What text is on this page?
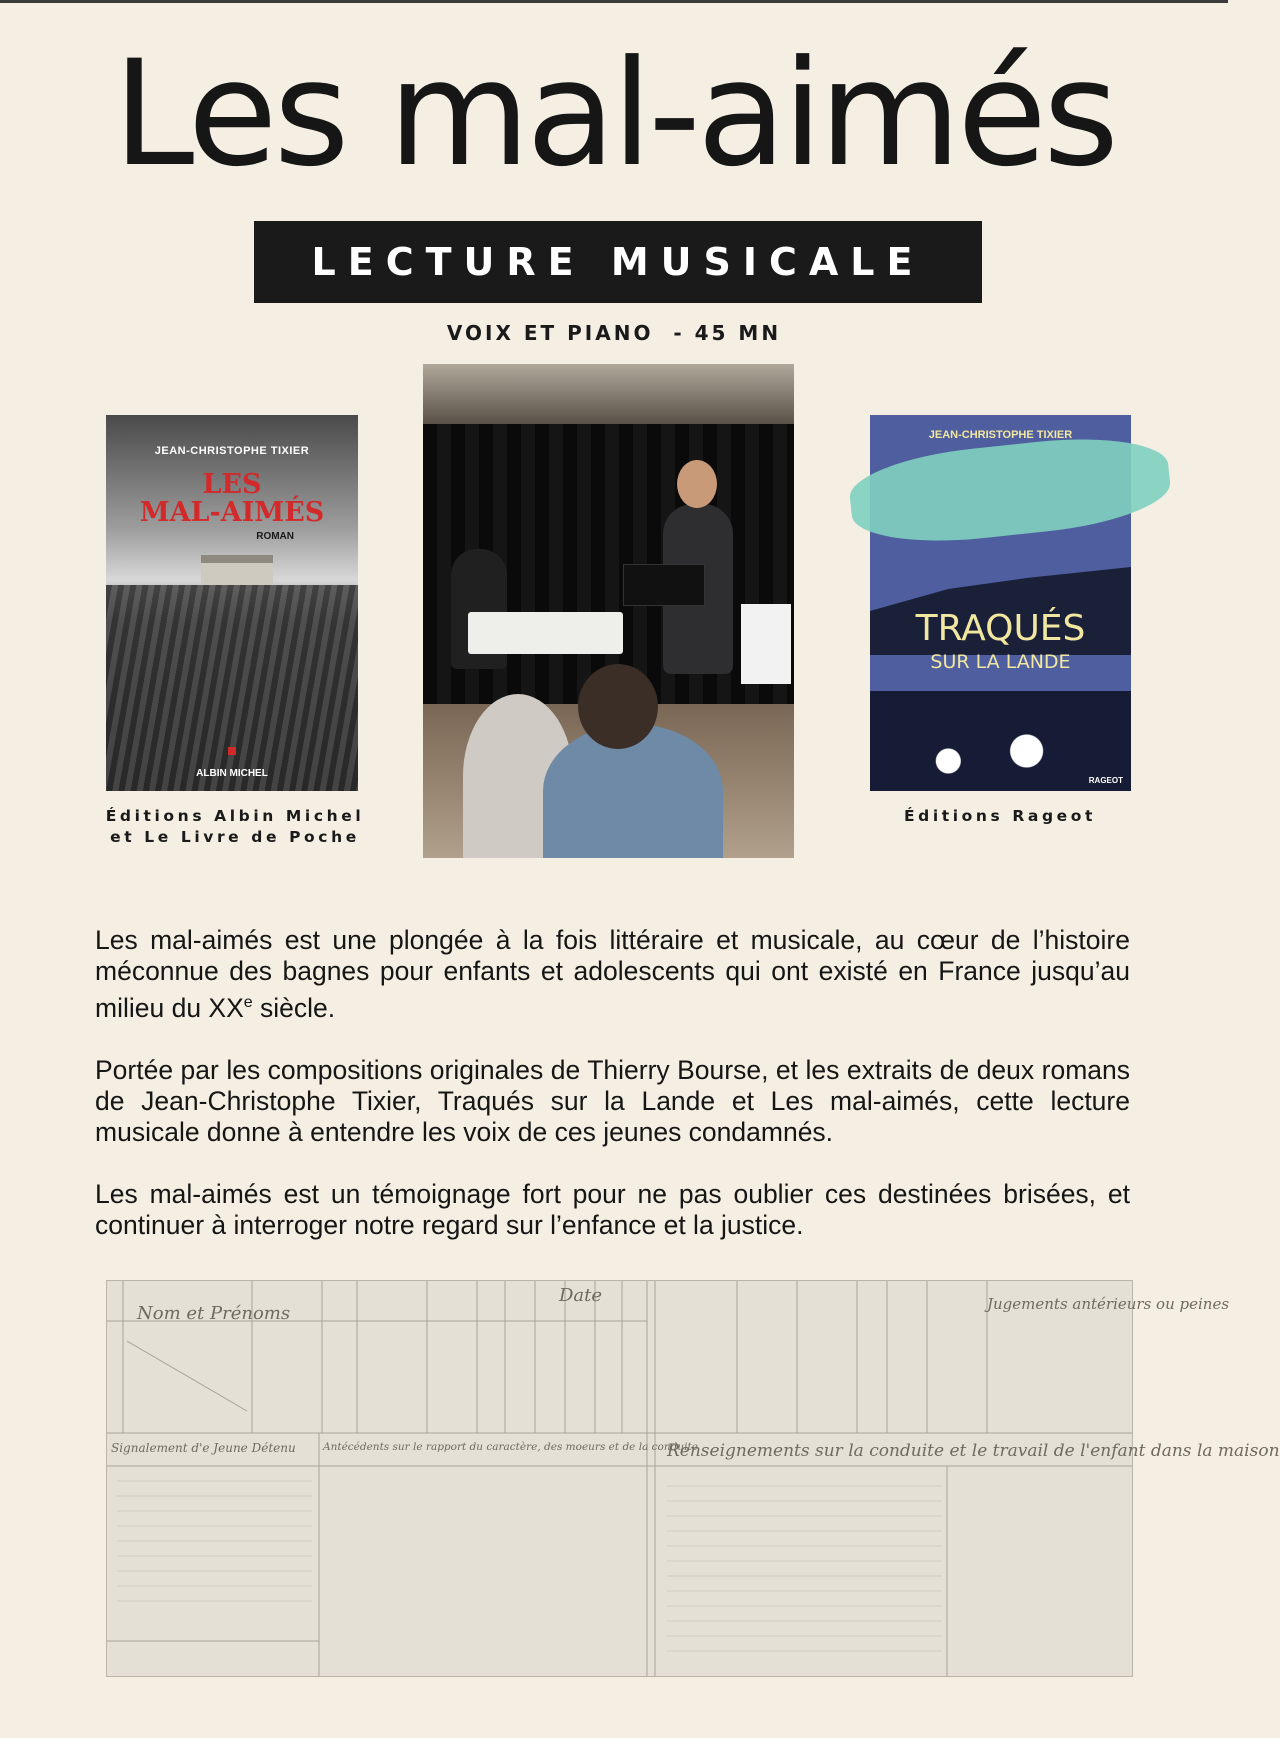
Les mal-aimés
LECTURE MUSICALE
VOIX ET PIANO  - 45 MN
JEAN-CHRISTOPHE TIXIER
LES
MAL-AIMÉS
ROMAN
ALBIN MICHEL
Éditions Albin Michel
et Le Livre de Poche
JEAN-CHRISTOPHE TIXIER
TRAQUÉS
SUR LA LANDE
RAGEOT
Éditions Rageot

Les mal-aimés est une plongée à la fois littéraire et musicale, au cœur de l’histoire méconnue des bagnes pour enfants et adolescents qui ont existé en France jusqu’au milieu du XXe siècle.

Portée par les compositions originales de Thierry Bourse, et les extraits de deux romans de Jean-Christophe Tixier, Traqués sur la Lande et Les mal-aimés, cette lecture musicale donne à entendre les voix de ces jeunes condamnés.

Les mal-aimés est un témoignage fort pour ne pas oublier ces destinées brisées, et continuer à interroger notre regard sur l’enfance et la justice.

Nom et Prénoms
Date
Signalement d'e Jeune Détenu	Antécédents sur le rapport du caractère, des moeurs et de la conduite
Renseignements sur la conduite et le travail de l'enfant dans la maison
Jugements antérieurs ou peines
